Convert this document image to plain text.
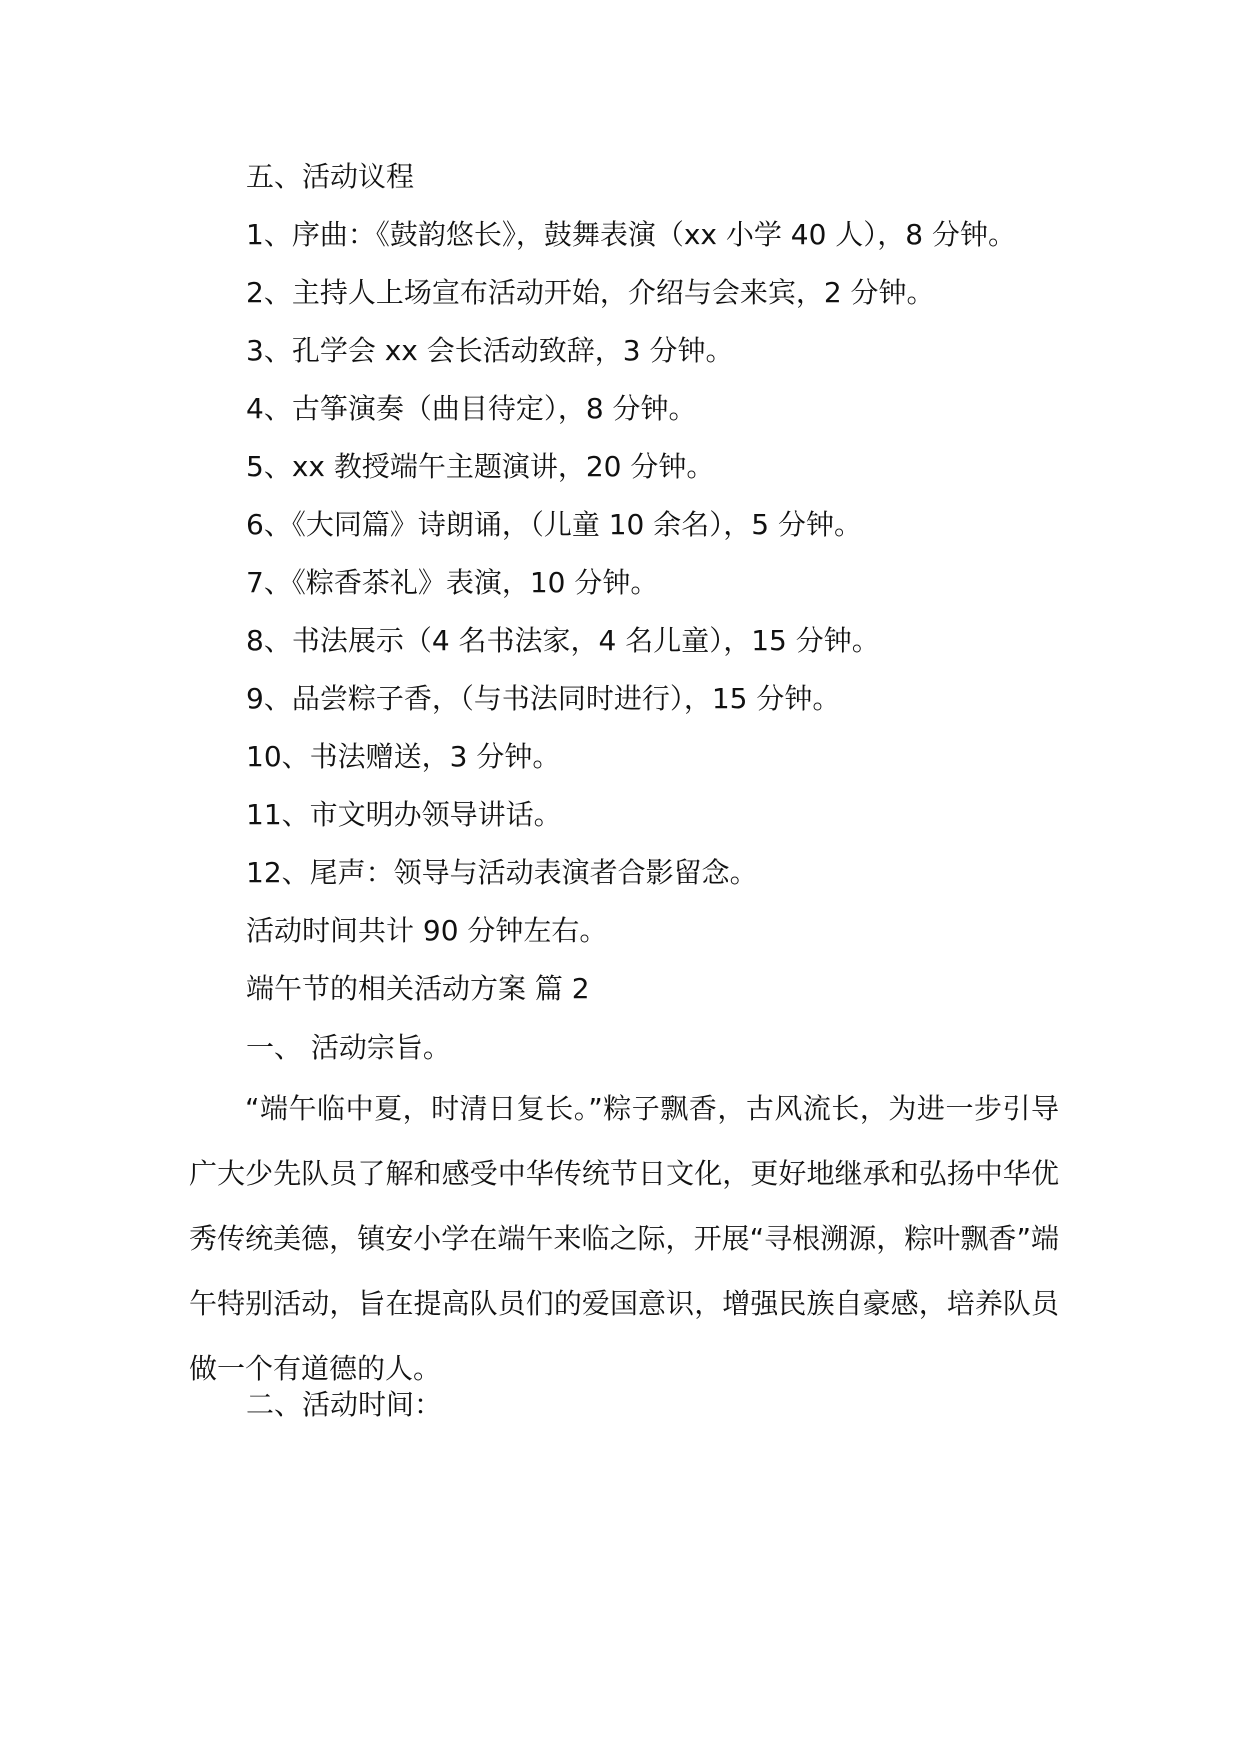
五、活动议程
1、序曲：《鼓韵悠长》，鼓舞表演（xx 小学 40 人），8 分钟。
2、主持人上场宣布活动开始，介绍与会来宾，2 分钟。
3、孔学会 xx 会长活动致辞，3 分钟。
4、古筝演奏（曲目待定），8 分钟。
5、xx 教授端午主题演讲，20 分钟。
6、《大同篇》诗朗诵，（儿童 10 余名），5 分钟。
7、《粽香茶礼》表演，10 分钟。
8、书法展示（4 名书法家，4 名儿童），15 分钟。
9、品尝粽子香，（与书法同时进行），15 分钟。
10、书法赠送，3 分钟。
11、市文明办领导讲话。
12、尾声：领导与活动表演者合影留念。
活动时间共计 90 分钟左右。
端午节的相关活动方案 篇 2
一、 活动宗旨。
“端午临中夏，时清日复长。”粽子飘香，古风流长，为进一步引导广大少先队员了解和感受中华传统节日文化，更好地继承和弘扬中华优秀传统美德，镇安小学在端午来临之际，开展“寻根溯源，粽叶飘香”端午特别活动，旨在提高队员们的爱国意识，增强民族自豪感，培养队员做一个有道德的人。
二、活动时间：
